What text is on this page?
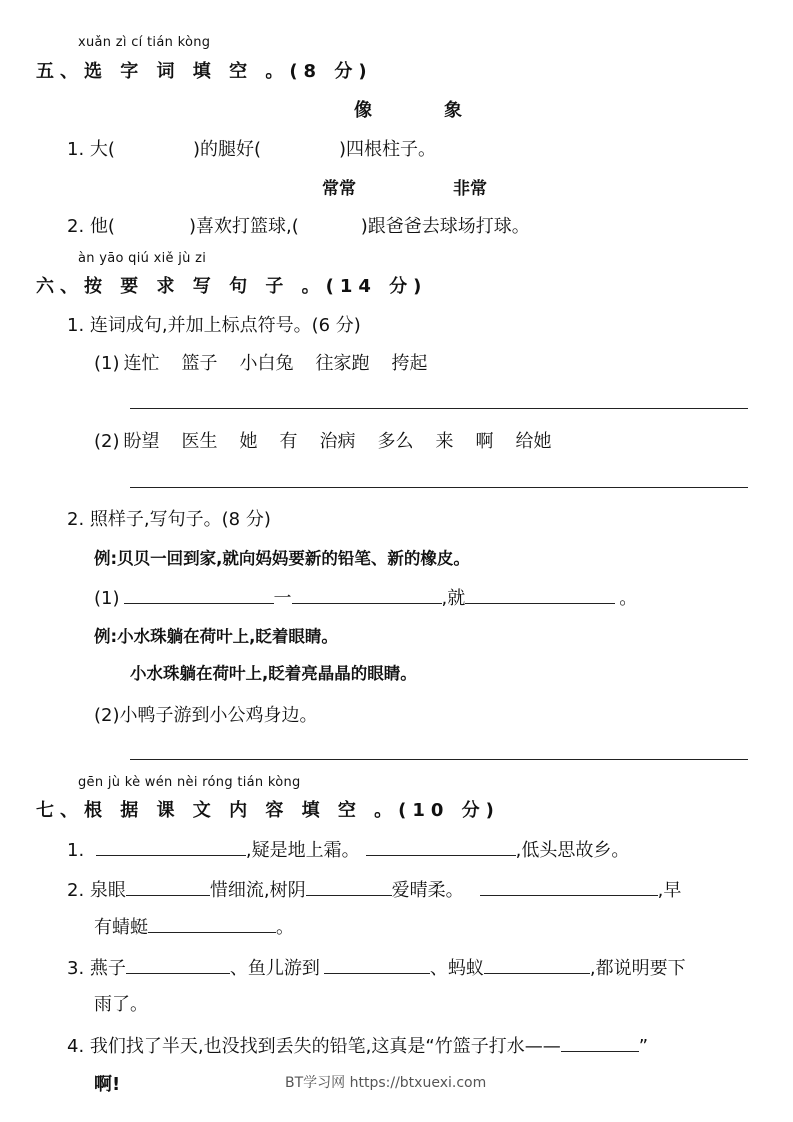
xuǎn zì cí tián kòng
五、选 字 词 填 空 。(8 分)
像	象
1. 大(	)的腿好(	)四根柱子。
常常	非常
2. 他(	)喜欢打篮球,(	)跟爸爸去球场打球。
àn yāo qiú xiě jù zi
六、按 要 求 写 句 子 。(14 分)
1. 连词成句,并加上标点符号。(6 分)
(1) 连忙 篮子 小白兔 往家跑 挎起
(2) 盼望 医生 她 有 治病 多么 来 啊 给她
2. 照样子,写句子。(8 分)
例:贝贝一回到家,就向妈妈要新的铅笔、新的橡皮。
(1)	一	,就	。
例:小水珠躺在荷叶上,眨着眼睛。
小水珠躺在荷叶上,眨着亮晶晶的眼睛。
(2)小鸭子游到小公鸡身边。
gēn jù kè wén nèi róng tián kòng
七、根 据 课 文 内 容 填 空 。(10 分)
1.	,疑是地上霜。	,低头思故乡。
2. 泉眼	惜细流,树阴	爱晴柔。	,早
有蜻蜓	。
3. 燕子	、鱼儿游到	、蚂蚁	,都说明要下
雨了。
4. 我们找了半天,也没找到丢失的铅笔,这真是“竹篮子打水——	”
啊!	BT学习网 https://btxuexi.com
